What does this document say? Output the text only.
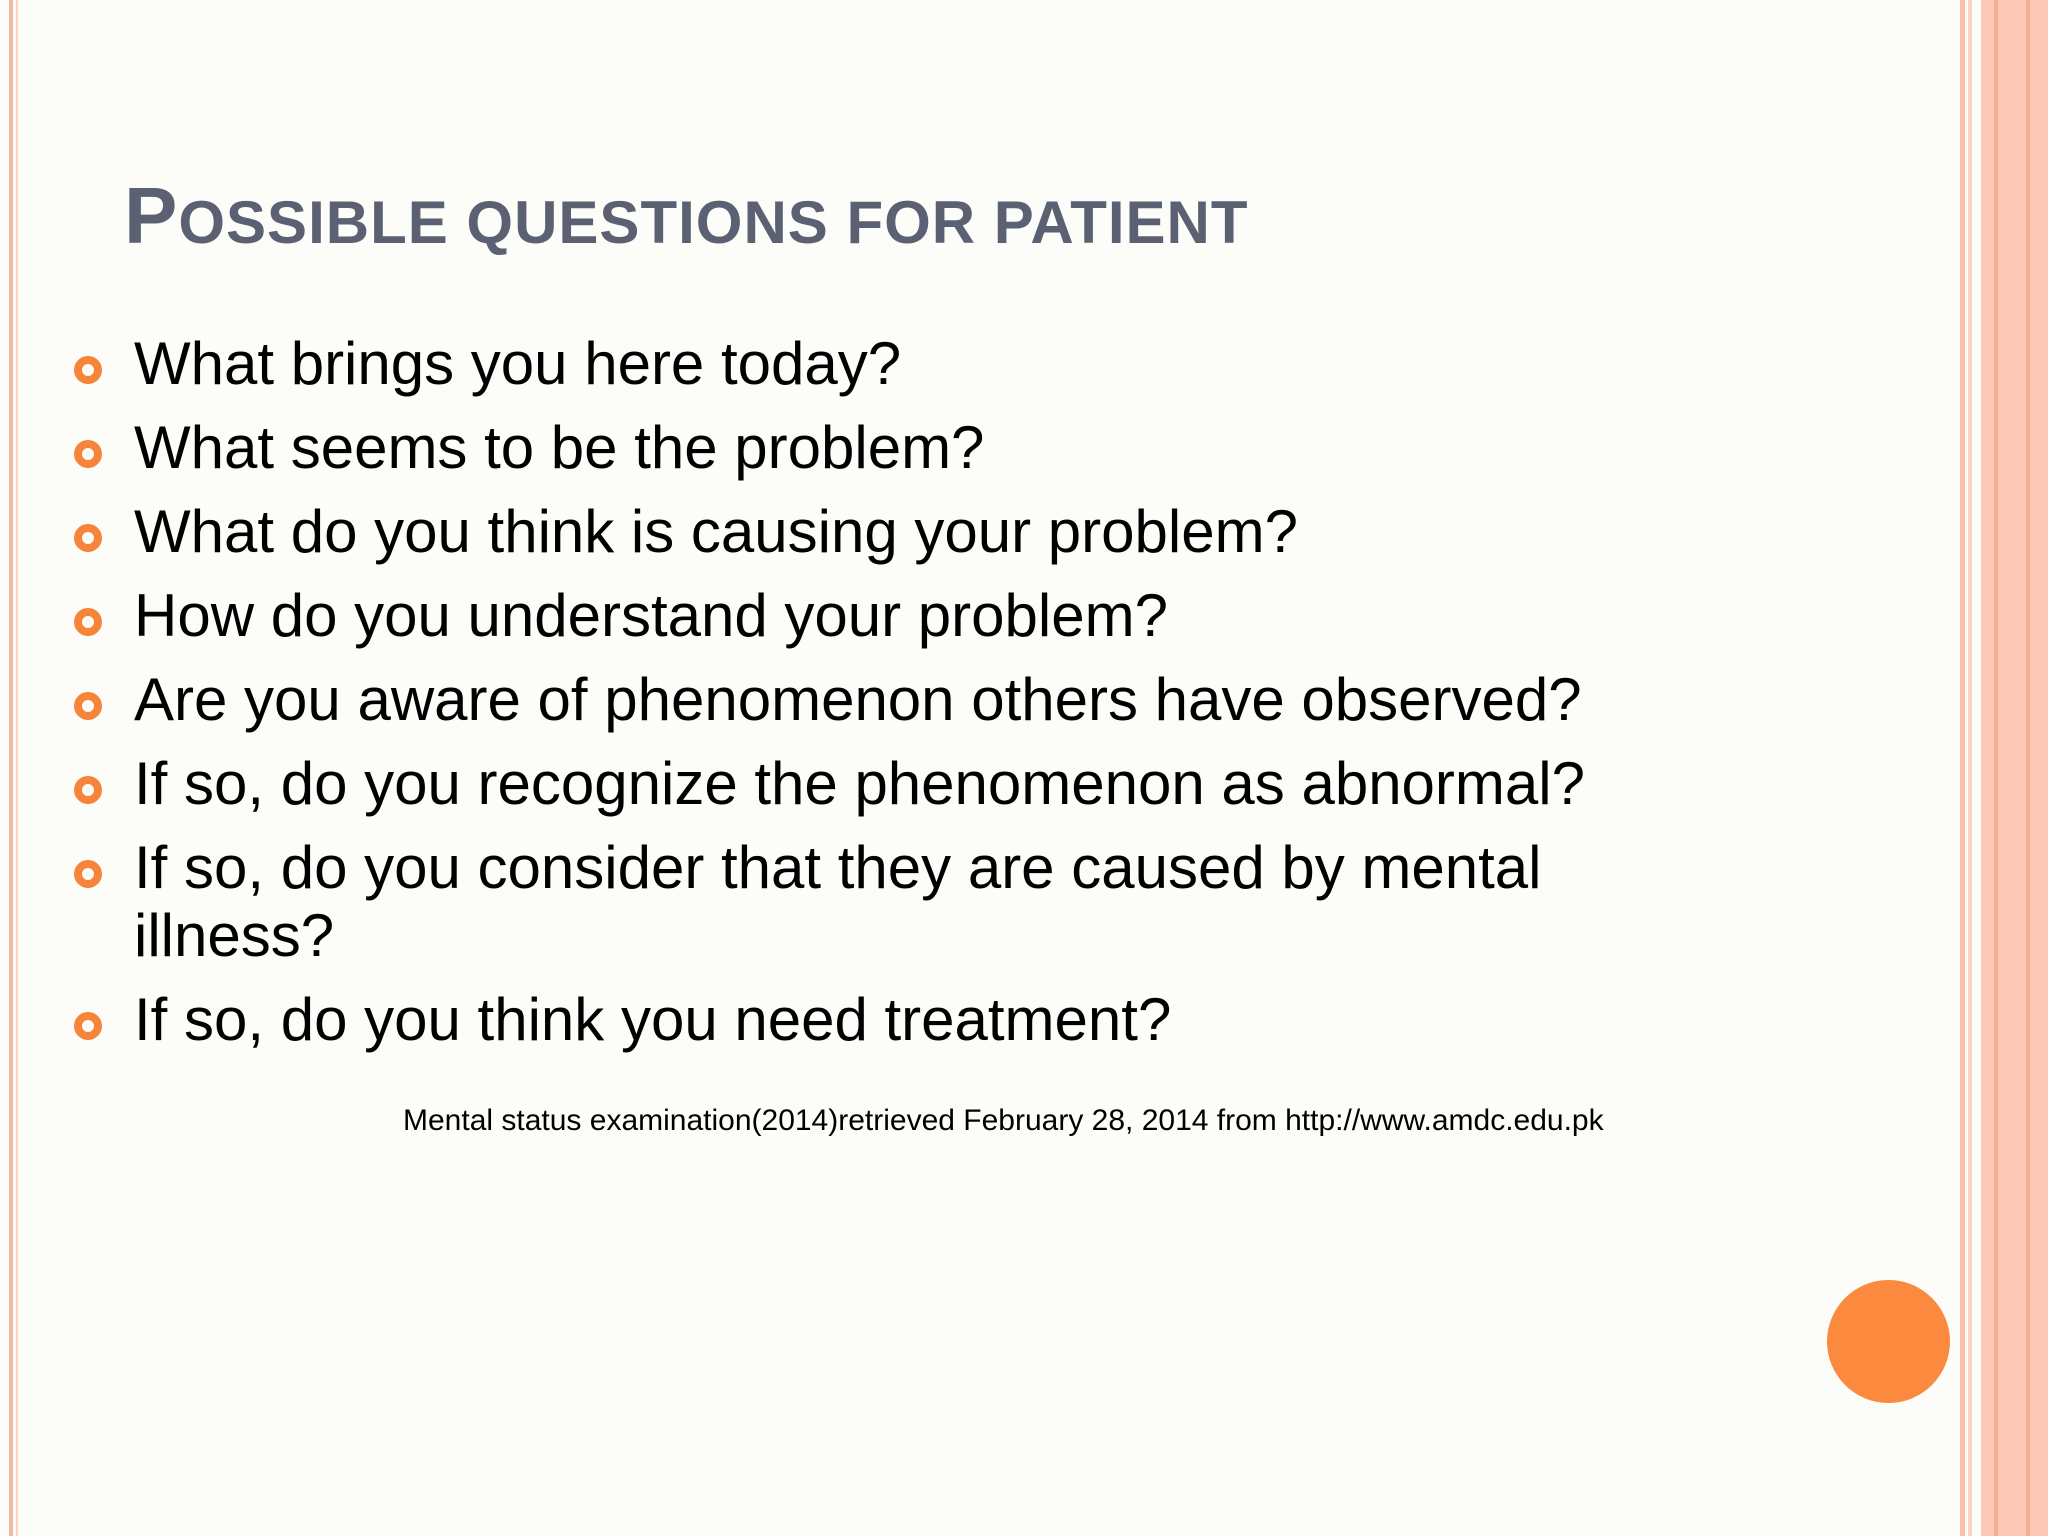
POSSIBLE QUESTIONS FOR PATIENT
What brings you here today?
What seems to be the problem?
What do you think is causing your problem?
How do you understand your problem?
Are you aware of phenomenon others have observed?
If so, do you recognize the phenomenon as abnormal?
If so, do you consider that they are caused by mental illness?
If so, do you think you need treatment?
Mental status examination(2014)retrieved February 28, 2014 from http://www.amdc.edu.pk
